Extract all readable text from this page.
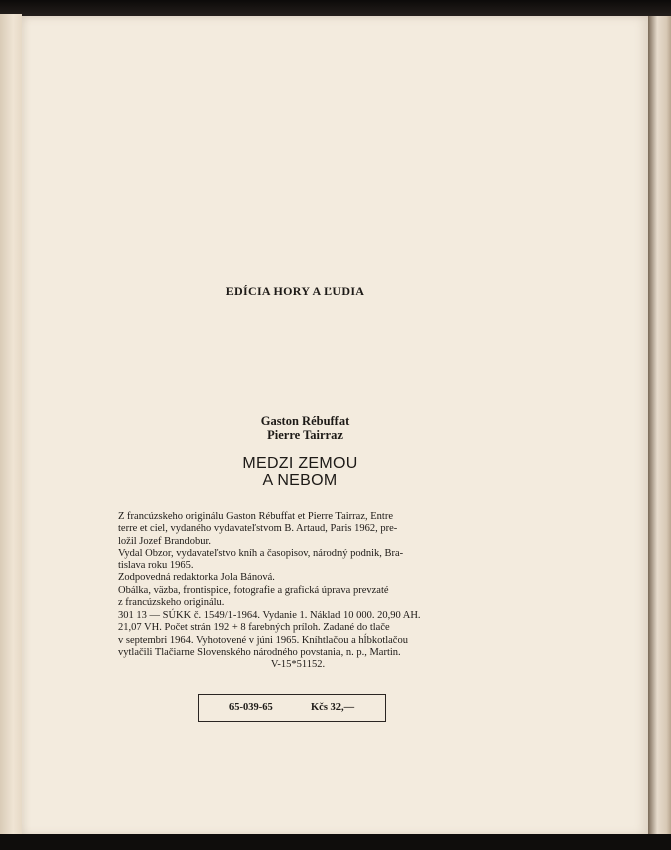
EDÍCIA HORY A ĽUDIA
Gaston Rébuffat
Pierre Tairraz
MEDZI ZEMOU
A NEBOM
Z francúzskeho originálu Gaston Rébuffat et Pierre Tairraz, Entre
terre et ciel, vydaného vydavateľstvom B. Artaud, Paris 1962, pre-
ložil Jozef Brandobur.
Vydal Obzor, vydavateľstvo kníh a časopisov, národný podnik, Bra-
tislava roku 1965.
Zodpovedná redaktorka Jola Bánová.
Obálka, väzba, frontispice, fotografie a grafická úprava prevzaté
z francúzskeho originálu.
301 13 — SÚKK č. 1549/1-1964. Vydanie 1. Náklad 10 000. 20,90 AH.
21,07 VH. Počet strán 192 + 8 farebných príloh. Zadané do tlače
v septembri 1964. Vyhotovené v júni 1965. Kníhtlačou a hĺbkotlačou
vytlačili Tlačiarne Slovenského národného povstania, n. p., Martin.
V-15*51152.
65-039-65	Kčs 32,—
